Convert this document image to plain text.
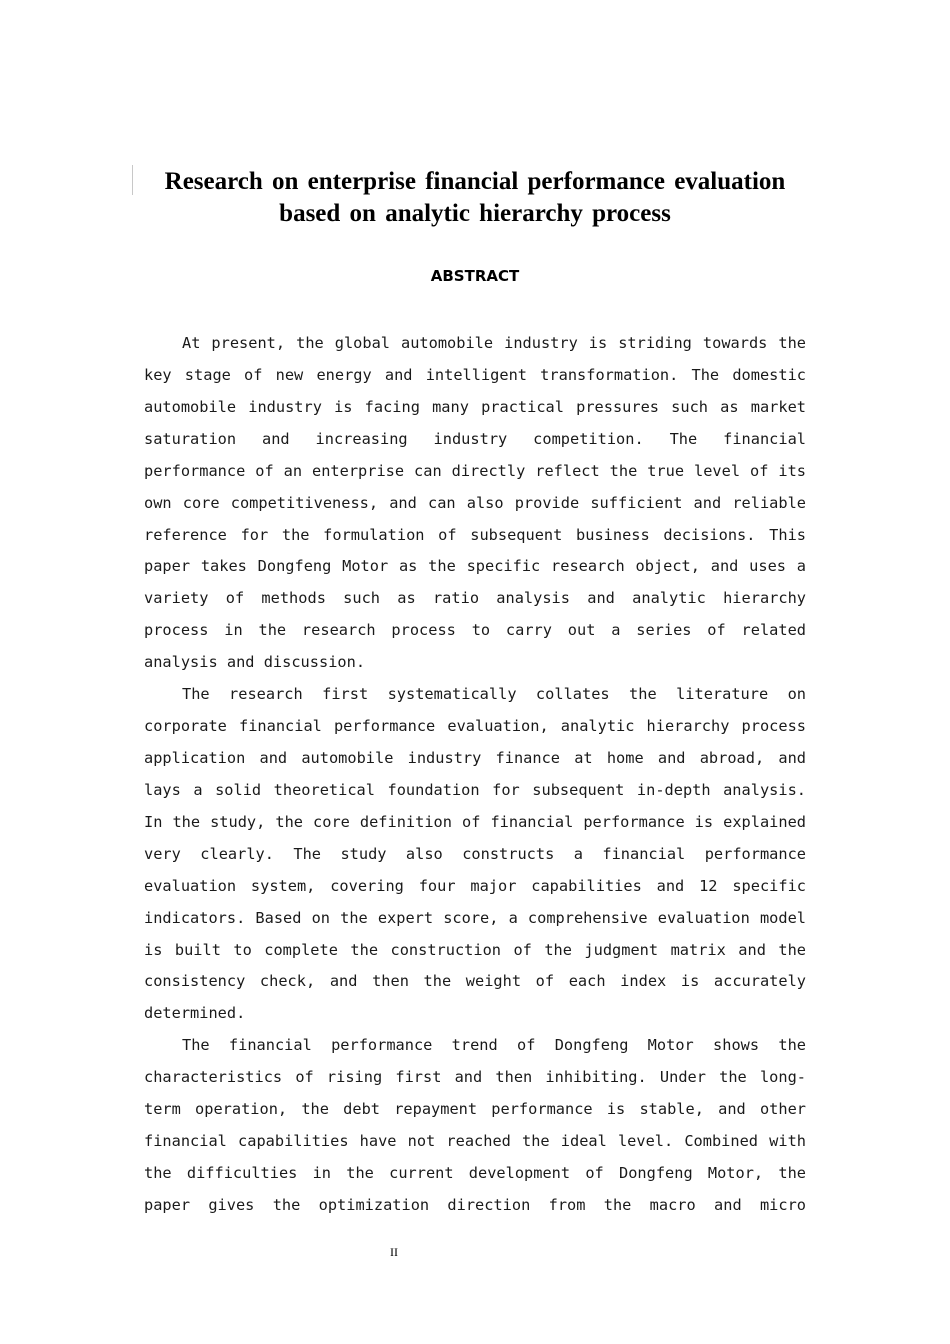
Research on enterprise financial performance evaluation
based on analytic hierarchy process
ABSTRACT

At present, the global automobile industry is striding towards the key stage of new energy and intelligent transformation. The domestic automobile industry is facing many practical pressures such as market saturation and increasing industry competition. The financial performance of an enterprise can directly reflect the true level of its own core competitiveness, and can also provide sufficient and reliable reference for the formulation of subsequent business decisions. This paper takes Dongfeng Motor as the specific research object, and uses a variety of methods such as ratio analysis and analytic hierarchy process in the research process to carry out a series of related analysis and discussion.

The research first systematically collates the literature on corporate financial performance evaluation, analytic hierarchy process application and automobile industry finance at home and abroad, and lays a solid theoretical foundation for subsequent in-depth analysis. In the study, the core definition of financial performance is explained very clearly. The study also constructs a financial performance evaluation system, covering four major capabilities and 12 specific indicators. Based on the expert score, a comprehensive evaluation model is built to complete the construction of the judgment matrix and the consistency check, and then the weight of each index is accurately determined.

The financial performance trend of Dongfeng Motor shows the characteristics of rising first and then inhibiting. Under the long-term operation, the debt repayment performance is stable, and other financial capabilities have not reached the ideal level. Combined with the difficulties in the current development of Dongfeng Motor, the paper gives the optimization direction from the macro and micro

II
